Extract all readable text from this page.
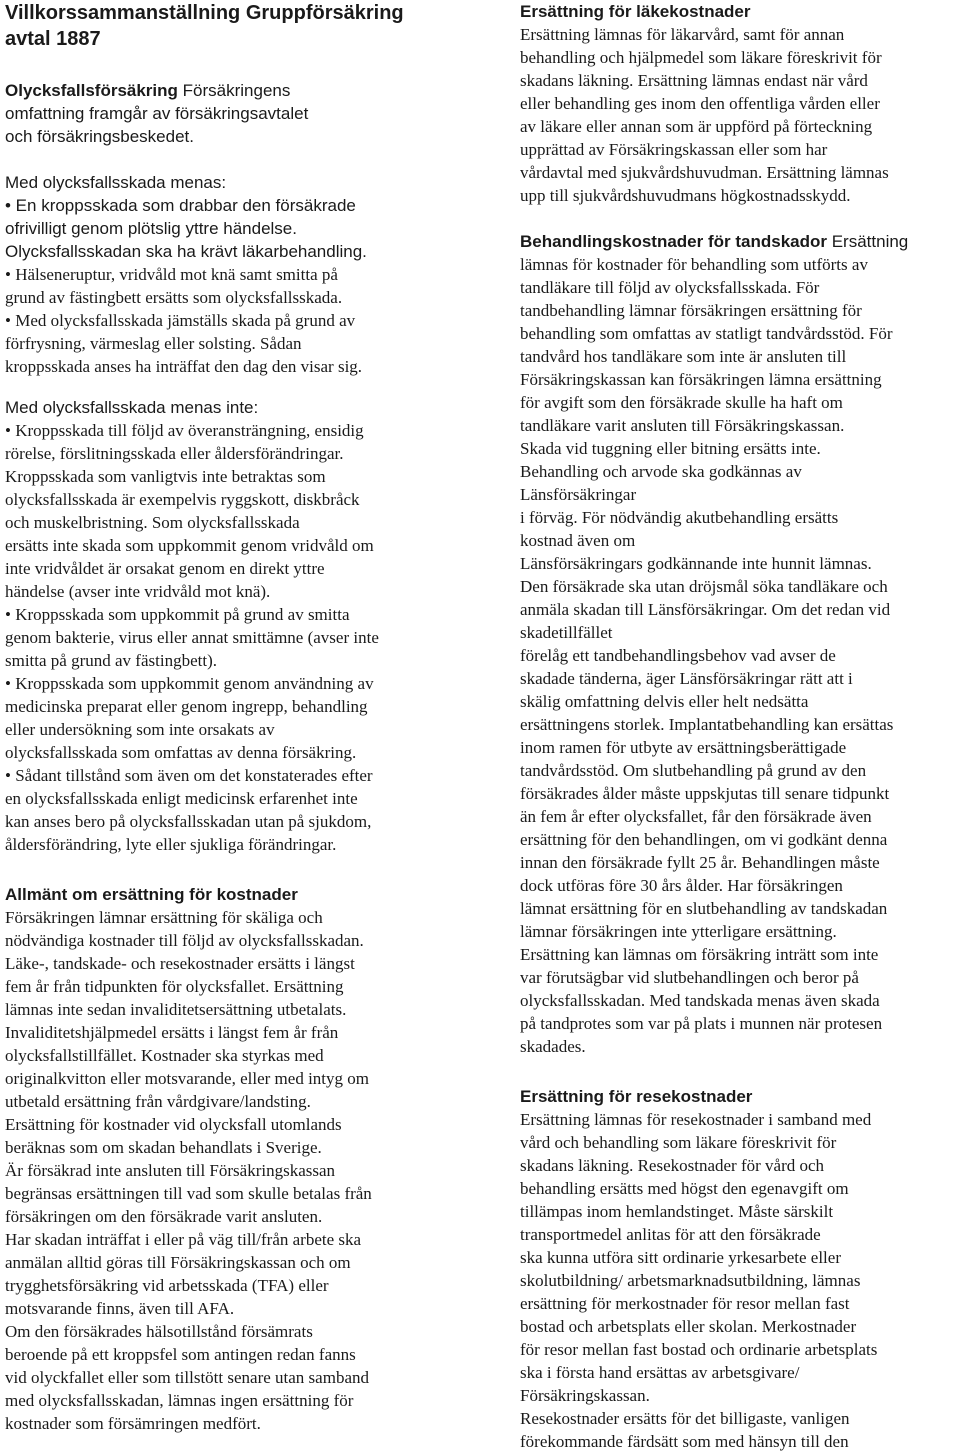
Villkorssammanställning Gruppförsäkring
avtal 1887
Olycksfallsförsäkring Försäkringens
omfattning framgår av försäkringsavtalet
och försäkringsbeskedet.
Med olycksfallsskada menas:
• En kroppsskada som drabbar den försäkrade
ofrivilligt genom plötslig yttre händelse.
Olycksfallsskadan ska ha krävt läkarbehandling.
• Hälseneruptur, vridvåld mot knä samt smitta på
grund av fästingbett ersätts som olycksfallsskada.
• Med olycksfallsskada jämställs skada på grund av
förfrysning, värmeslag eller solsting. Sådan
kroppsskada anses ha inträffat den dag den visar sig.
Med olycksfallsskada menas inte:
• Kroppsskada till följd av överansträngning, ensidig
rörelse, förslitningsskada eller åldersförändringar.
Kroppsskada som vanligtvis inte betraktas som
olycksfallsskada är exempelvis ryggskott, diskbråck
och muskelbristning. Som olycksfallsskada
ersätts inte skada som uppkommit genom vridvåld om
inte vridvåldet är orsakat genom en direkt yttre
händelse (avser inte vridvåld mot knä).
• Kroppsskada som uppkommit på grund av smitta
genom bakterie, virus eller annat smittämne (avser inte
smitta på grund av fästingbett).
• Kroppsskada som uppkommit genom användning av
medicinska preparat eller genom ingrepp, behandling
eller undersökning som inte orsakats av
olycksfallsskada som omfattas av denna försäkring.
• Sådant tillstånd som även om det konstaterades efter
en olycksfallsskada enligt medicinsk erfarenhet inte
kan anses bero på olycksfallsskadan utan på sjukdom,
åldersförändring, lyte eller sjukliga förändringar.
Allmänt om ersättning för kostnader
Försäkringen lämnar ersättning för skäliga och
nödvändiga kostnader till följd av olycksfallsskadan.
Läke-, tandskade- och resekostnader ersätts i längst
fem år från tidpunkten för olycksfallet. Ersättning
lämnas inte sedan invaliditetsersättning utbetalats.
Invaliditetshjälpmedel ersätts i längst fem år från
olycksfallstillfället. Kostnader ska styrkas med
originalkvitton eller motsvarande, eller med intyg om
utbetald ersättning från vårdgivare/landsting.
Ersättning för kostnader vid olycksfall utomlands
beräknas som om skadan behandlats i Sverige.
Är försäkrad inte ansluten till Försäkringskassan
begränsas ersättningen till vad som skulle betalas från
försäkringen om den försäkrade varit ansluten.
Har skadan inträffat i eller på väg till/från arbete ska
anmälan alltid göras till Försäkringskassan och om
trygghetsförsäkring vid arbetsskada (TFA) eller
motsvarande finns, även till AFA.
Om den försäkrades hälsotillstånd försämrats
beroende på ett kroppsfel som antingen redan fanns
vid olyckfallet eller som tillstött senare utan samband
med olycksfallsskadan, lämnas ingen ersättning för
kostnader som försämringen medfört.
Ersättning för läkekostnader
Ersättning lämnas för läkarvård, samt för annan
behandling och hjälpmedel som läkare föreskrivit för
skadans läkning. Ersättning lämnas endast när vård
eller behandling ges inom den offentliga vården eller
av läkare eller annan som är uppförd på förteckning
upprättad av Försäkringskassan eller som har
vårdavtal med sjukvårdshuvudman. Ersättning lämnas
upp till sjukvårdshuvudmans högkostnadsskydd.
Behandlingskostnader för tandskador Ersättning
lämnas för kostnader för behandling som utförts av
tandläkare till följd av olycksfallsskada. För
tandbehandling lämnar försäkringen ersättning för
behandling som omfattas av statligt tandvårdsstöd. För
tandvård hos tandläkare som inte är ansluten till
Försäkringskassan kan försäkringen lämna ersättning
för avgift som den försäkrade skulle ha haft om
tandläkare varit ansluten till Försäkringskassan.
Skada vid tuggning eller bitning ersätts inte.
Behandling och arvode ska godkännas av
Länsförsäkringar
i förväg. För nödvändig akutbehandling ersätts
kostnad även om
Länsförsäkringars godkännande inte hunnit lämnas.
Den försäkrade ska utan dröjsmål söka tandläkare och
anmäla skadan till Länsförsäkringar. Om det redan vid
skadetillfället
förelåg ett tandbehandlingsbehov vad avser de
skadade tänderna, äger Länsförsäkringar rätt att i
skälig omfattning delvis eller helt nedsätta
ersättningens storlek. Implantatbehandling kan ersättas
inom ramen för utbyte av ersättningsberättigade
tandvårdsstöd. Om slutbehandling på grund av den
försäkrades ålder måste uppskjutas till senare tidpunkt
än fem år efter olycksfallet, får den försäkrade även
ersättning för den behandlingen, om vi godkänt denna
innan den försäkrade fyllt 25 år. Behandlingen måste
dock utföras före 30 års ålder. Har försäkringen
lämnat ersättning för en slutbehandling av tandskadan
lämnar försäkringen inte ytterligare ersättning.
Ersättning kan lämnas om försäkring inträtt som inte
var förutsägbar vid slutbehandlingen och beror på
olycksfallsskadan. Med tandskada menas även skada
på tandprotes som var på plats i munnen när protesen
skadades.
Ersättning för resekostnader
Ersättning lämnas för resekostnader i samband med
vård och behandling som läkare föreskrivit för
skadans läkning. Resekostnader för vård och
behandling ersätts med högst den egenavgift om
tillämpas inom hemlandstinget. Måste särskilt
transportmedel anlitas för att den försäkrade
ska kunna utföra sitt ordinarie yrkesarbete eller
skolutbildning/ arbetsmarknadsutbildning, lämnas
ersättning för merkostnader för resor mellan fast
bostad och arbetsplats eller skolan. Merkostnader
för resor mellan fast bostad och ordinarie arbetsplats
ska i första hand ersättas av arbetsgivare/
Försäkringskassan.
Resekostnader ersätts för det billigaste, vanligen
förekommande färdsätt som med hänsyn till den
